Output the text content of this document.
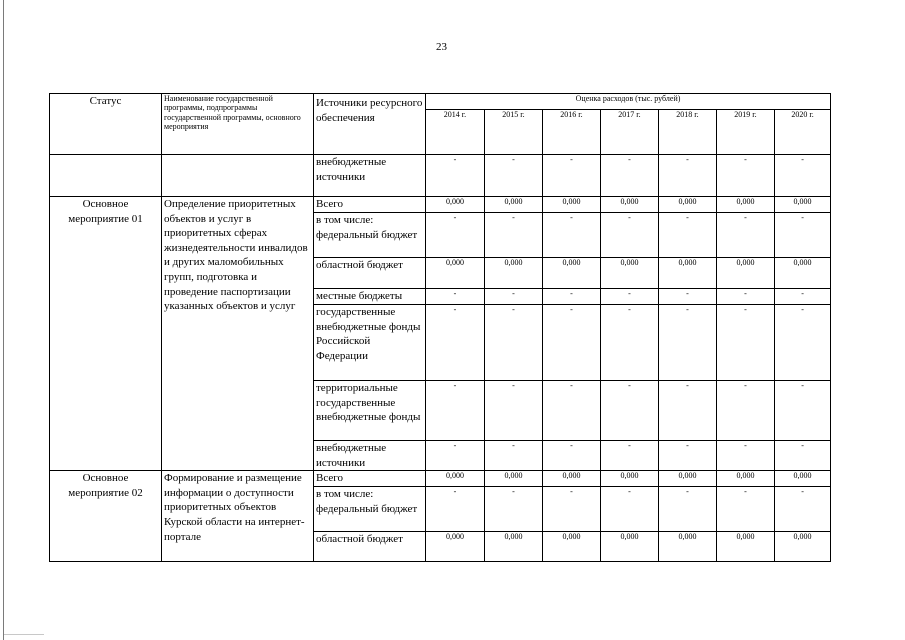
23
Статус	Наименование государственной программы, подпрограммы государственной программы, основного мероприятия	Источники ресурсного обеспечения	Оценка расходов (тыс. рублей)						
			2014 г.	2015 г.	2016 г.	2017 г.	2018 г.	2019 г.	2020 г.
		внебюджетные источники	-	-	-	-	-	-	-
Основное мероприятие 01	Определение приоритетных объектов и услуг в приоритетных сферах жизнедеятельности инвалидов и других маломобильных групп, подготовка и проведение паспортизации указанных объектов и услуг	Всего	0,000	0,000	0,000	0,000	0,000	0,000	0,000
		в том числе: федеральный бюджет	-	-	-	-	-	-	-
		областной бюджет	0,000	0,000	0,000	0,000	0,000	0,000	0,000
		местные бюджеты	-	-	-	-	-	-	-
		государственные внебюджетные фонды Российской Федерации	-	-	-	-	-	-	-
		территориальные государственные внебюджетные фонды	-	-	-	-	-	-	-
		внебюджетные источники	-	-	-	-	-	-	-
Основное мероприятие 02	Формирование и размещение информации о доступности приоритетных объектов Курской области на интернет-портале	Всего	0,000	0,000	0,000	0,000	0,000	0,000	0,000
		в том числе: федеральный бюджет	-	-	-	-	-	-	-
		областной бюджет	0,000	0,000	0,000	0,000	0,000	0,000	0,000
